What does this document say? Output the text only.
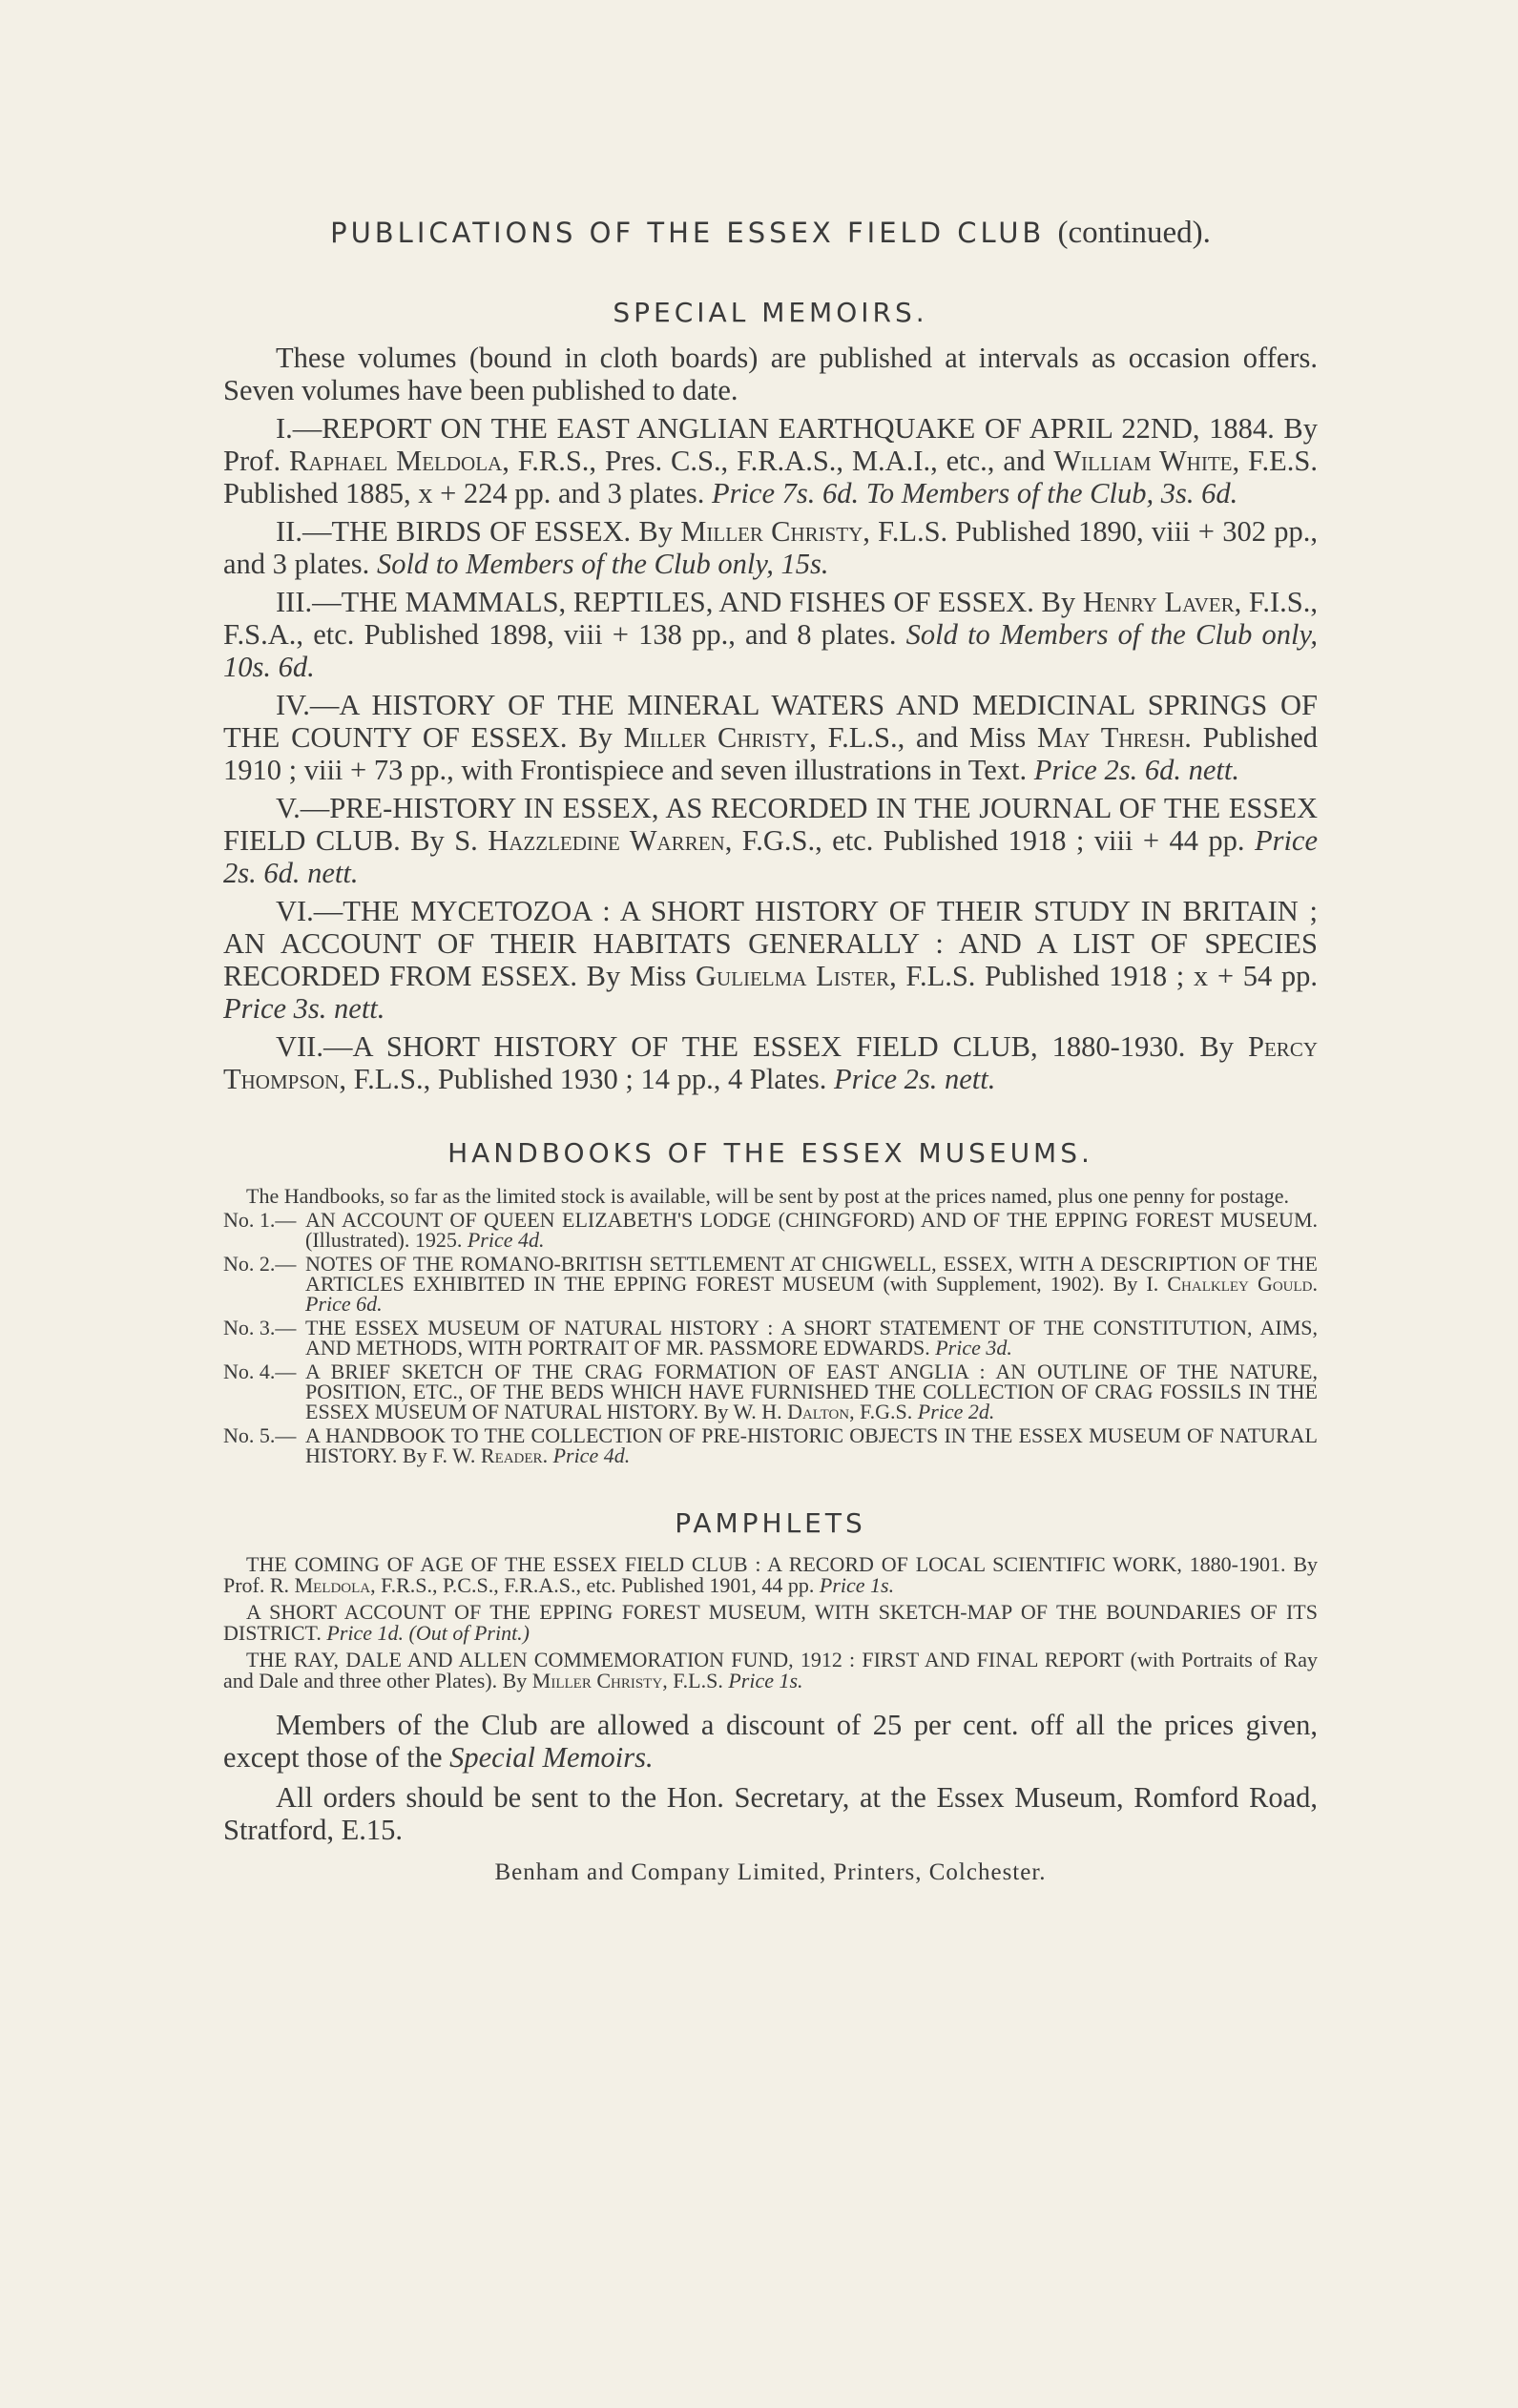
PUBLICATIONS OF THE ESSEX FIELD CLUB (continued).
SPECIAL MEMOIRS.

These volumes (bound in cloth boards) are published at intervals as occasion offers. Seven volumes have been published to date.

I.—REPORT ON THE EAST ANGLIAN EARTHQUAKE OF APRIL 22ND, 1884. By Prof. Raphael Meldola, F.R.S., Pres. C.S., F.R.A.S., M.A.I., etc., and William White, F.E.S. Published 1885, x + 224 pp. and 3 plates. Price 7s. 6d. To Members of the Club, 3s. 6d.

II.—THE BIRDS OF ESSEX. By Miller Christy, F.L.S. Published 1890, viii + 302 pp., and 3 plates. Sold to Members of the Club only, 15s.

III.—THE MAMMALS, REPTILES, AND FISHES OF ESSEX. By Henry Laver, F.I.S., F.S.A., etc. Published 1898, viii + 138 pp., and 8 plates. Sold to Members of the Club only, 10s. 6d.

IV.—A HISTORY OF THE MINERAL WATERS AND MEDICINAL SPRINGS OF THE COUNTY OF ESSEX. By Miller Christy, F.L.S., and Miss May Thresh. Published 1910 ; viii + 73 pp., with Frontispiece and seven illustrations in Text. Price 2s. 6d. nett.

V.—PRE-HISTORY IN ESSEX, AS RECORDED IN THE JOURNAL OF THE ESSEX FIELD CLUB. By S. Hazzledine Warren, F.G.S., etc. Published 1918 ; viii + 44 pp. Price 2s. 6d. nett.

VI.—THE MYCETOZOA : A SHORT HISTORY OF THEIR STUDY IN BRITAIN ; AN ACCOUNT OF THEIR HABITATS GENERALLY : AND A LIST OF SPECIES RECORDED FROM ESSEX. By Miss Gulielma Lister, F.L.S. Published 1918 ; x + 54 pp. Price 3s. nett.

VII.—A SHORT HISTORY OF THE ESSEX FIELD CLUB, 1880-1930. By Percy Thompson, F.L.S., Published 1930 ; 14 pp., 4 Plates. Price 2s. nett.

HANDBOOKS OF THE ESSEX MUSEUMS.

The Handbooks, so far as the limited stock is available, will be sent by post at the prices named, plus one penny for postage.

No. 1.— AN ACCOUNT OF QUEEN ELIZABETH'S LODGE (CHINGFORD) AND OF THE EPPING FOREST MUSEUM. (Illustrated). 1925. Price 4d.

No. 2.— NOTES OF THE ROMANO-BRITISH SETTLEMENT AT CHIGWELL, ESSEX, WITH A DESCRIPTION OF THE ARTICLES EXHIBITED IN THE EPPING FOREST MUSEUM (with Supplement, 1902). By I. Chalkley Gould. Price 6d.

No. 3.— THE ESSEX MUSEUM OF NATURAL HISTORY : A SHORT STATEMENT OF THE CONSTITUTION, AIMS, AND METHODS, WITH PORTRAIT OF MR. PASSMORE EDWARDS. Price 3d.

No. 4.— A BRIEF SKETCH OF THE CRAG FORMATION OF EAST ANGLIA : AN OUTLINE OF THE NATURE, POSITION, ETC., OF THE BEDS WHICH HAVE FURNISHED THE COLLECTION OF CRAG FOSSILS IN THE ESSEX MUSEUM OF NATURAL HISTORY. By W. H. Dalton, F.G.S. Price 2d.

No. 5.— A HANDBOOK TO THE COLLECTION OF PRE-HISTORIC OBJECTS IN THE ESSEX MUSEUM OF NATURAL HISTORY. By F. W. Reader. Price 4d.

PAMPHLETS

THE COMING OF AGE OF THE ESSEX FIELD CLUB : A RECORD OF LOCAL SCIENTIFIC WORK, 1880-1901. By Prof. R. Meldola, F.R.S., P.C.S., F.R.A.S., etc. Published 1901, 44 pp. Price 1s.

A SHORT ACCOUNT OF THE EPPING FOREST MUSEUM, WITH SKETCH-MAP OF THE BOUNDARIES OF ITS DISTRICT. Price 1d. (Out of Print.)

THE RAY, DALE AND ALLEN COMMEMORATION FUND, 1912 : FIRST AND FINAL REPORT (with Portraits of Ray and Dale and three other Plates). By Miller Christy, F.L.S. Price 1s.

Members of the Club are allowed a discount of 25 per cent. off all the prices given, except those of the Special Memoirs.

All orders should be sent to the Hon. Secretary, at the Essex Museum, Romford Road, Stratford, E.15.

Benham and Company Limited, Printers, Colchester.
